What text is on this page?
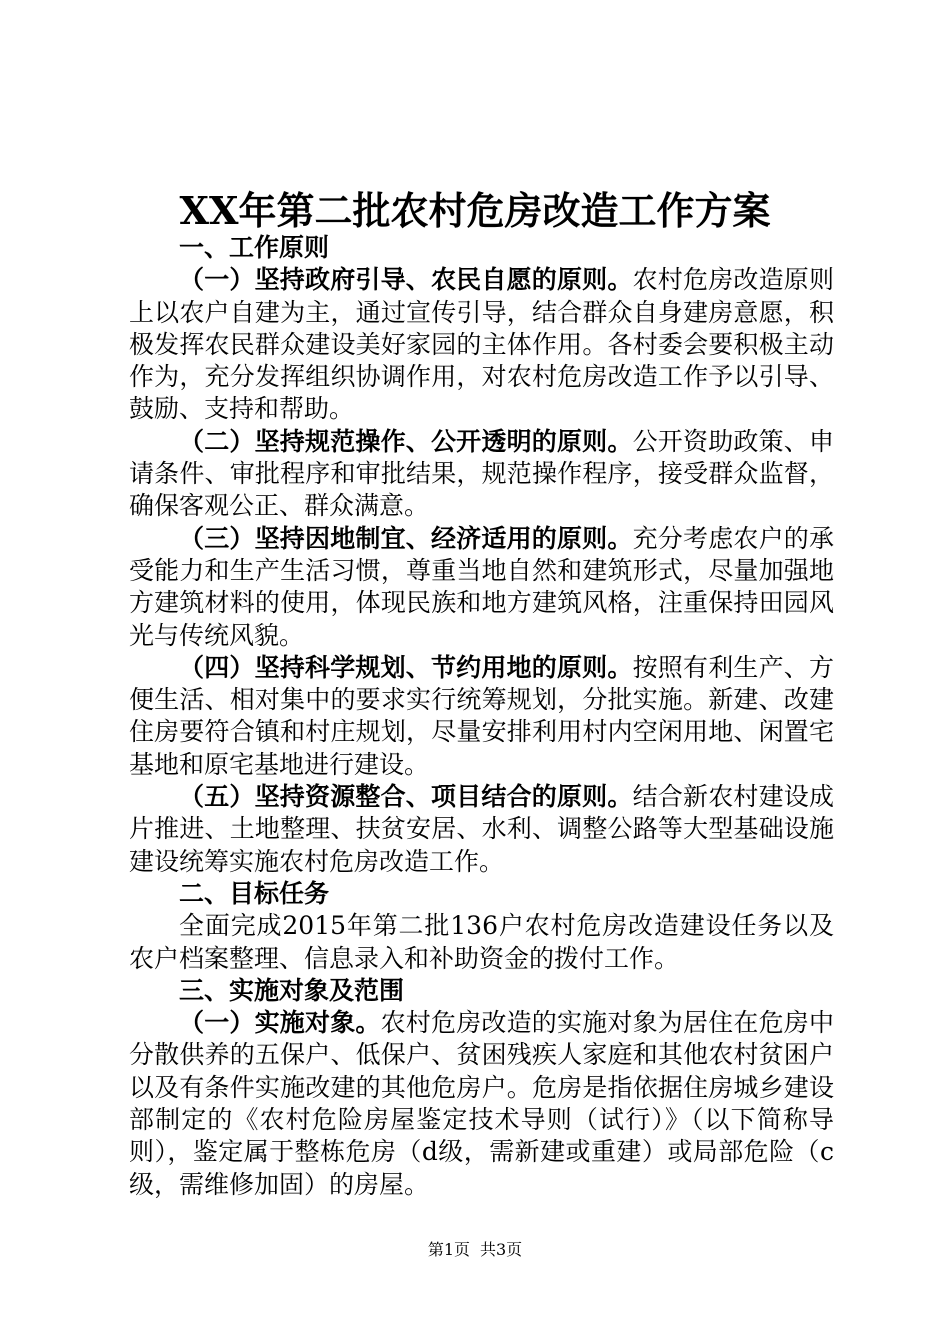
XX年第二批农村危房改造工作方案

一、工作原则

（一）坚持政府引导、农民自愿的原则。农村危房改造原则上以农户自建为主，通过宣传引导，结合群众自身建房意愿，积极发挥农民群众建设美好家园的主体作用。各村委会要积极主动作为，充分发挥组织协调作用，对农村危房改造工作予以引导、鼓励、支持和帮助。

（二）坚持规范操作、公开透明的原则。公开资助政策、申请条件、审批程序和审批结果，规范操作程序，接受群众监督，确保客观公正、群众满意。

（三）坚持因地制宜、经济适用的原则。充分考虑农户的承受能力和生产生活习惯，尊重当地自然和建筑形式，尽量加强地方建筑材料的使用，体现民族和地方建筑风格，注重保持田园风光与传统风貌。

（四）坚持科学规划、节约用地的原则。按照有利生产、方便生活、相对集中的要求实行统筹规划，分批实施。新建、改建住房要符合镇和村庄规划，尽量安排利用村内空闲用地、闲置宅基地和原宅基地进行建设。

（五）坚持资源整合、项目结合的原则。结合新农村建设成片推进、土地整理、扶贫安居、水利、调整公路等大型基础设施建设统筹实施农村危房改造工作。

二、目标任务

全面完成2015年第二批136户农村危房改造建设任务以及农户档案整理、信息录入和补助资金的拨付工作。

三、实施对象及范围

（一）实施对象。农村危房改造的实施对象为居住在危房中分散供养的五保户、低保户、贫困残疾人家庭和其他农村贫困户以及有条件实施改建的其他危房户。危房是指依据住房城乡建设部制定的《农村危险房屋鉴定技术导则（试行）》（以下简称导则），鉴定属于整栋危房（d级，需新建或重建）或局部危险（c级，需维修加固）的房屋。

第1页 共3页
